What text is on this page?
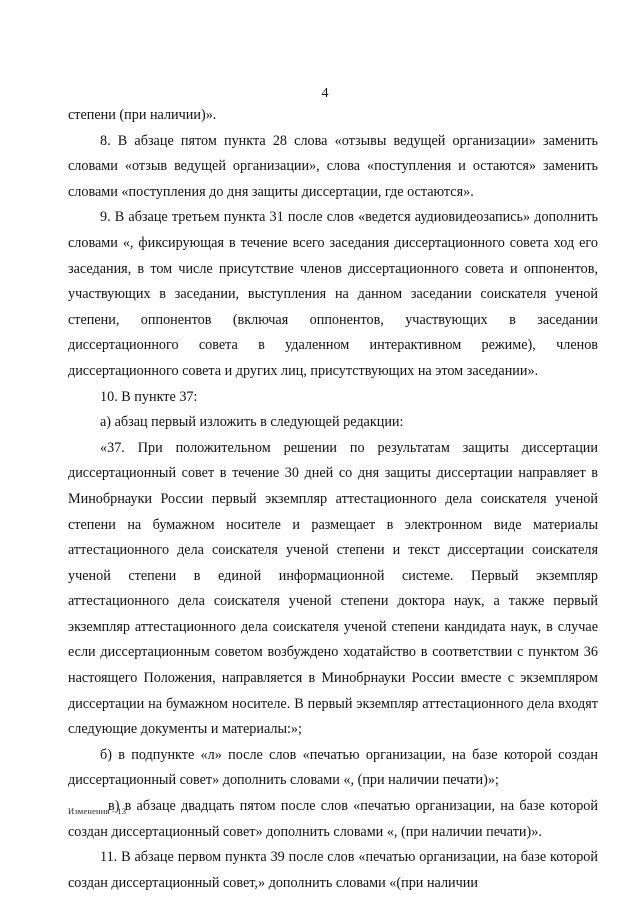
4

степени (при наличии)».

8. В абзаце пятом пункта 28 слова «отзывы ведущей организации» заменить словами «отзыв ведущей организации», слова «поступления и остаются» заменить словами «поступления до дня защиты диссертации, где остаются».

9. В абзаце третьем пункта 31 после слов «ведется аудиовидеозапись» дополнить словами «, фиксирующая в течение всего заседания диссертационного совета ход его заседания, в том числе присутствие членов диссертационного совета и оппонентов, участвующих в заседании, выступления на данном заседании соискателя ученой степени, оппонентов (включая оппонентов, участвующих в заседании диссертационного совета в удаленном интерактивном режиме), членов диссертационного совета и других лиц, присутствующих на этом заседании».

10. В пункте 37:

а) абзац первый изложить в следующей редакции:

«37. При положительном решении по результатам защиты диссертации диссертационный совет в течение 30 дней со дня защиты диссертации направляет в Минобрнауки России первый экземпляр аттестационного дела соискателя ученой степени на бумажном носителе и размещает в электронном виде материалы аттестационного дела соискателя ученой степени и текст диссертации соискателя ученой степени в единой информационной системе. Первый экземпляр аттестационного дела соискателя ученой степени доктора наук, а также первый экземпляр аттестационного дела соискателя ученой степени кандидата наук, в случае если диссертационным советом возбуждено ходатайство в соответствии с пунктом 36 настоящего Положения, направляется в Минобрнауки России вместе с экземпляром диссертации на бумажном носителе. В первый экземпляр аттестационного дела входят следующие документы и материалы:»;

б) в подпункте «л» после слов «печатью организации, на базе которой создан диссертационный совет» дополнить словами «, (при наличии печати)»;

в) в абзаце двадцать пятом после слов «печатью организации, на базе которой создан диссертационный совет» дополнить словами «, (при наличии печати)».

11. В абзаце первом пункта 39 после слов «печатью организации, на базе которой создан диссертационный совет,» дополнить словами «(при наличии

Изменения - 13
